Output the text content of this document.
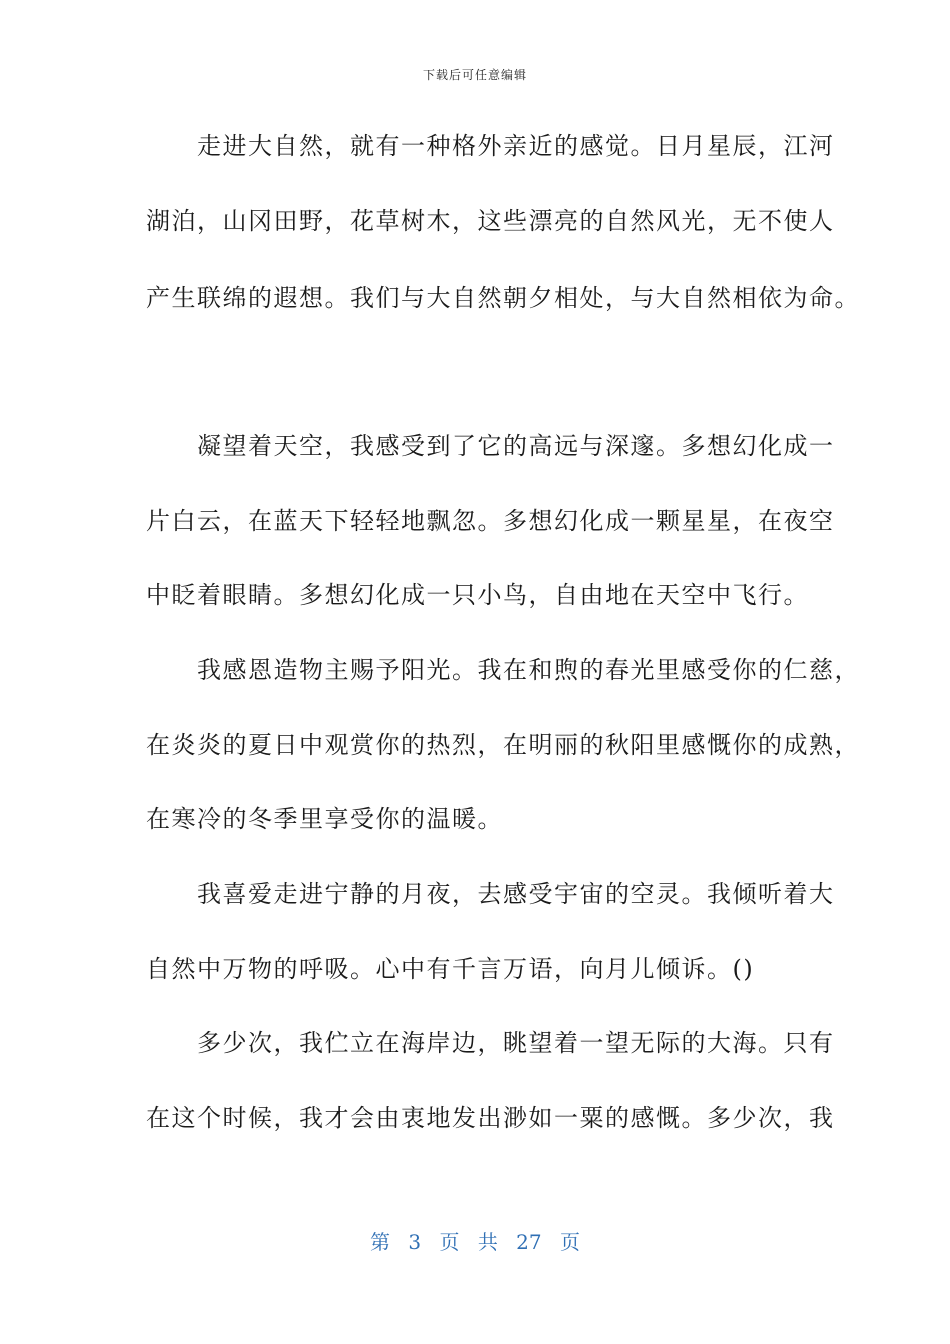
下载后可任意编辑
　　走进大自然，就有一种格外亲近的感觉。日月星辰，江河
湖泊，山冈田野，花草树木，这些漂亮的自然风光，无不使人
产生联绵的遐想。我们与大自然朝夕相处，与大自然相依为命。
　　凝望着天空，我感受到了它的高远与深邃。多想幻化成一
片白云，在蓝天下轻轻地飘忽。多想幻化成一颗星星，在夜空
中眨着眼睛。多想幻化成一只小鸟，自由地在天空中飞行。
　　我感恩造物主赐予阳光。我在和煦的春光里感受你的仁慈，
在炎炎的夏日中观赏你的热烈，在明丽的秋阳里感慨你的成熟，
在寒冷的冬季里享受你的温暖。
　　我喜爱走进宁静的月夜，去感受宇宙的空灵。我倾听着大
自然中万物的呼吸。心中有千言万语，向月儿倾诉。()
　　多少次，我伫立在海岸边，眺望着一望无际的大海。只有
在这个时候，我才会由衷地发出渺如一粟的感慨。多少次，我
第 3 页 共 27 页
